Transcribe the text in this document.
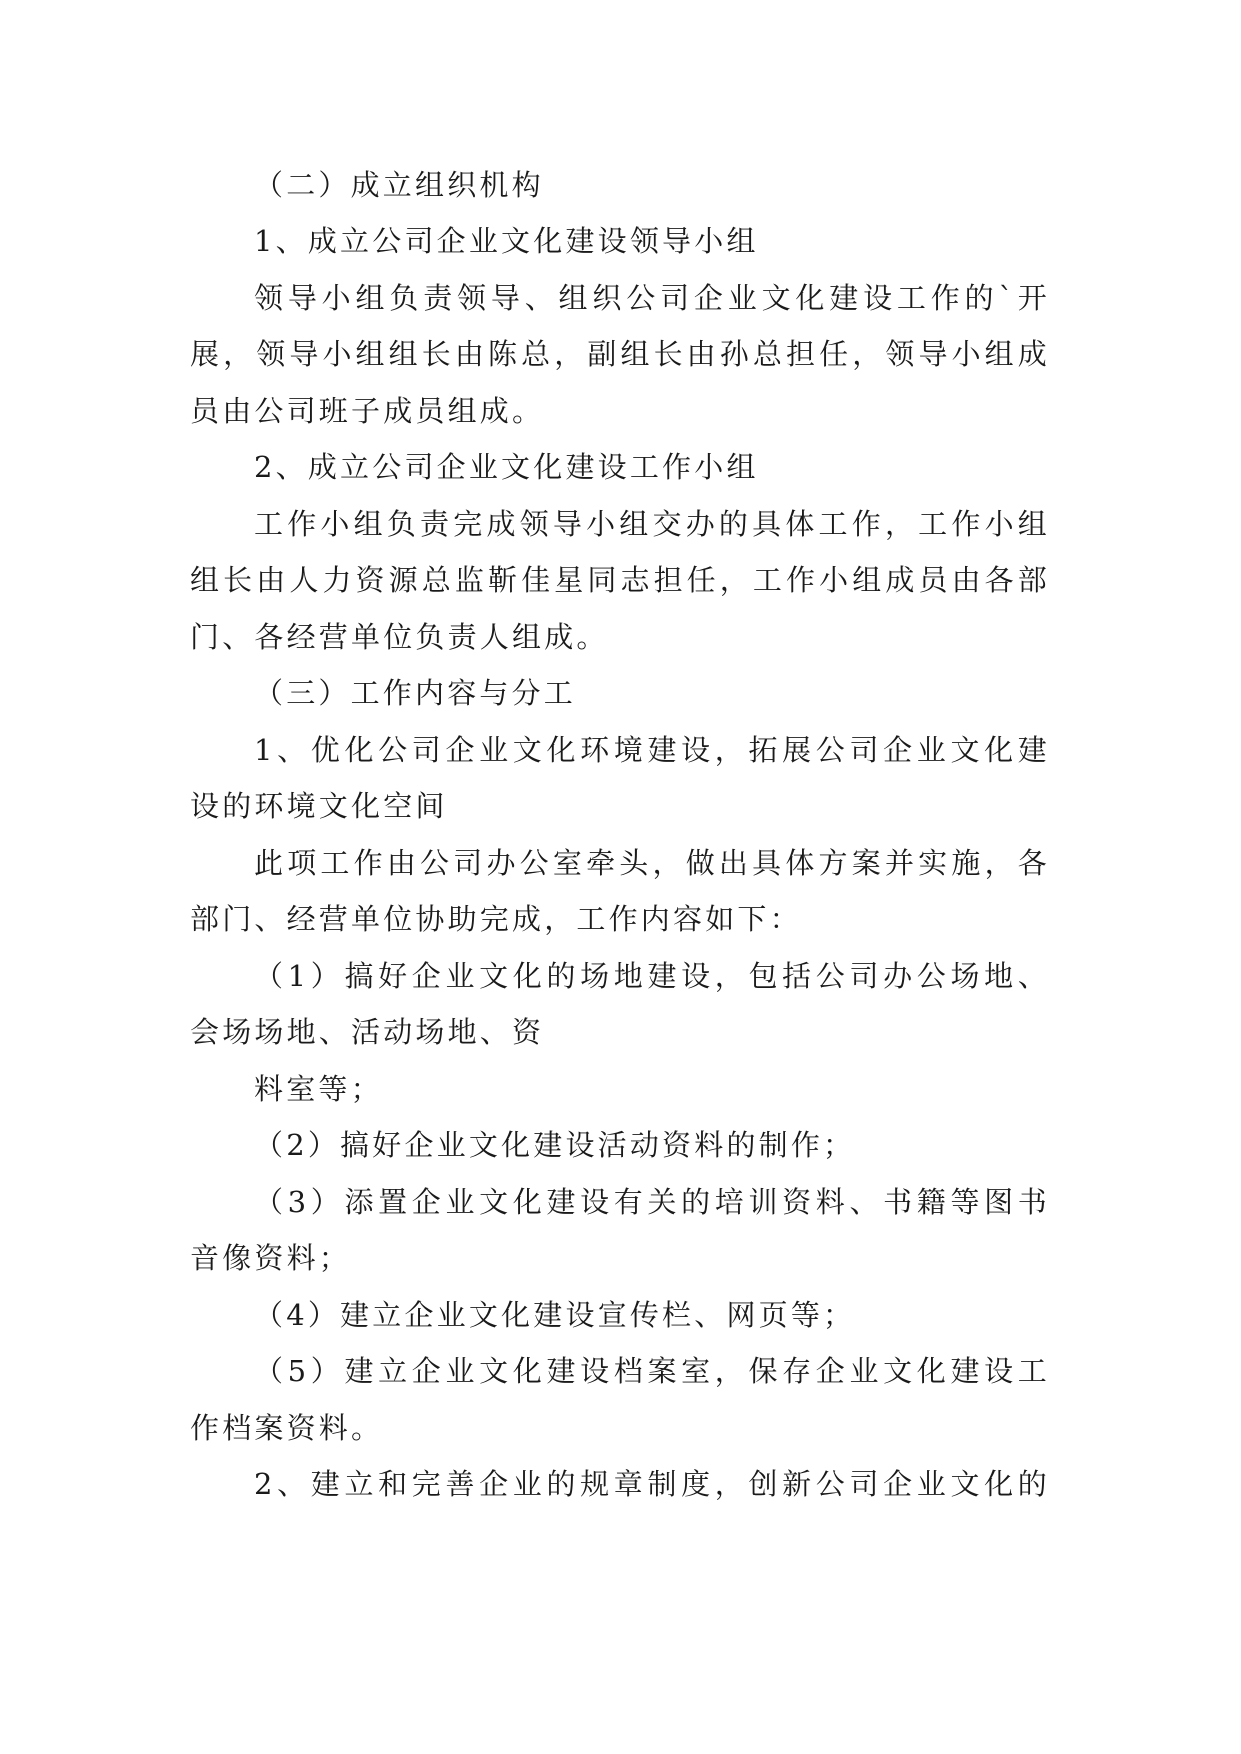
（二）成立组织机构
1、成立公司企业文化建设领导小组
领导小组负责领导、组织公司企业文化建设工作的`开
展，领导小组组长由陈总，副组长由孙总担任，领导小组成
员由公司班子成员组成。
2、成立公司企业文化建设工作小组
工作小组负责完成领导小组交办的具体工作，工作小组
组长由人力资源总监靳佳星同志担任，工作小组成员由各部
门、各经营单位负责人组成。
（三）工作内容与分工
1、优化公司企业文化环境建设，拓展公司企业文化建
设的环境文化空间
此项工作由公司办公室牵头，做出具体方案并实施，各
部门、经营单位协助完成，工作内容如下：
（1）搞好企业文化的场地建设，包括公司办公场地、
会场场地、活动场地、资
料室等；
（2）搞好企业文化建设活动资料的制作；
（3）添置企业文化建设有关的培训资料、书籍等图书
音像资料；
（4）建立企业文化建设宣传栏、网页等；
（5）建立企业文化建设档案室，保存企业文化建设工
作档案资料。
2、建立和完善企业的规章制度，创新公司企业文化的
